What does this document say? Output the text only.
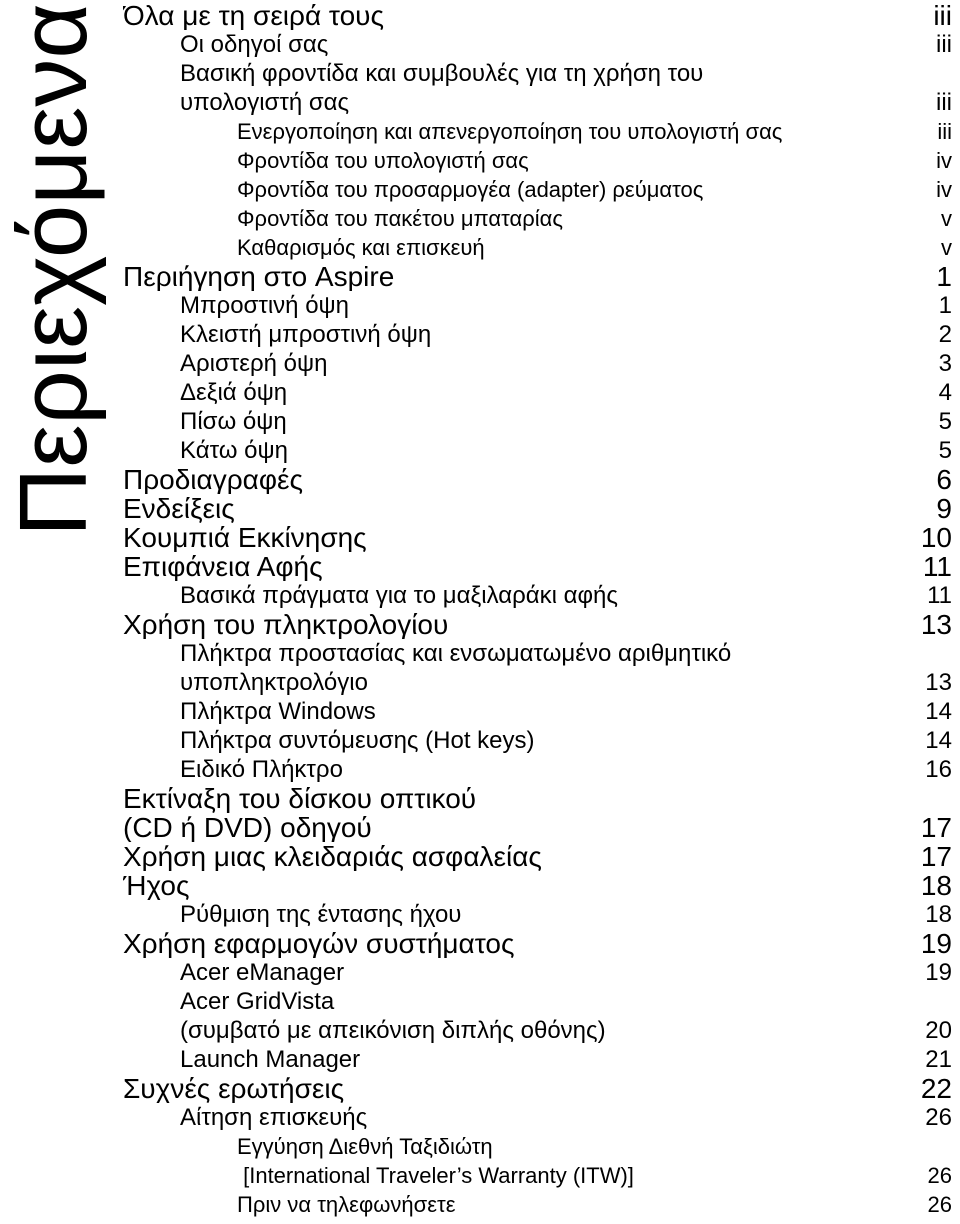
Περιεχόμενα Όλα με τη σειρά τους	iii
Οι οδηγοί σας	iii
Βασική φροντίδα και συμβουλές για τη χρήση του
υπολογιστή σας	iii
Ενεργοποίηση και απενεργοποίηση του υπολογιστή σας	iii
Φροντίδα του υπολογιστή σας	iv
Φροντίδα του προσαρμογέα (adapter) ρεύματος	iv
Φροντίδα του πακέτου μπαταρίας	v
Καθαρισμός και επισκευή	v
Περιήγηση στο Aspire	1
Μπροστινή όψη	1
Κλειστή μπροστινή όψη	2
Αριστερή όψη	3
Δεξιά όψη	4
Πίσω όψη	5
Κάτω όψη	5
Προδιαγραφές	6
Ενδείξεις	9
Κουμπιά Εκκίνησης	10
Επιφάνεια Αφής	11
Βασικά πράγματα για το μαξιλαράκι αφής	11
Χρήση του πληκτρολογίου	13
Πλήκτρα προστασίας και ενσωματωμένο αριθμητικό
υποπληκτρολόγιο	13
Πλήκτρα Windows	14
Πλήκτρα συντόμευσης (Hot keys)	14
Ειδικό Πλήκτρο	16
Εκτίναξη του δίσκου οπτικού
(CD ή DVD) οδηγού	17
Χρήση μιας κλειδαριάς ασφαλείας	17
Ήχος	18
Ρύθμιση της έντασης ήχου	18
Χρήση εφαρμογών συστήματος	19
Acer eManager	19
Acer GridVista
(συμβατό με απεικόνιση διπλής οθόνης)	20
Launch Manager	21
Συχνές ερωτήσεις	22
Αίτηση επισκευής	26
Εγγύηση Διεθνή Ταξιδιώτη
[International Traveler’s Warranty (ITW)]	26
Πριν να τηλεφωνήσετε	26
